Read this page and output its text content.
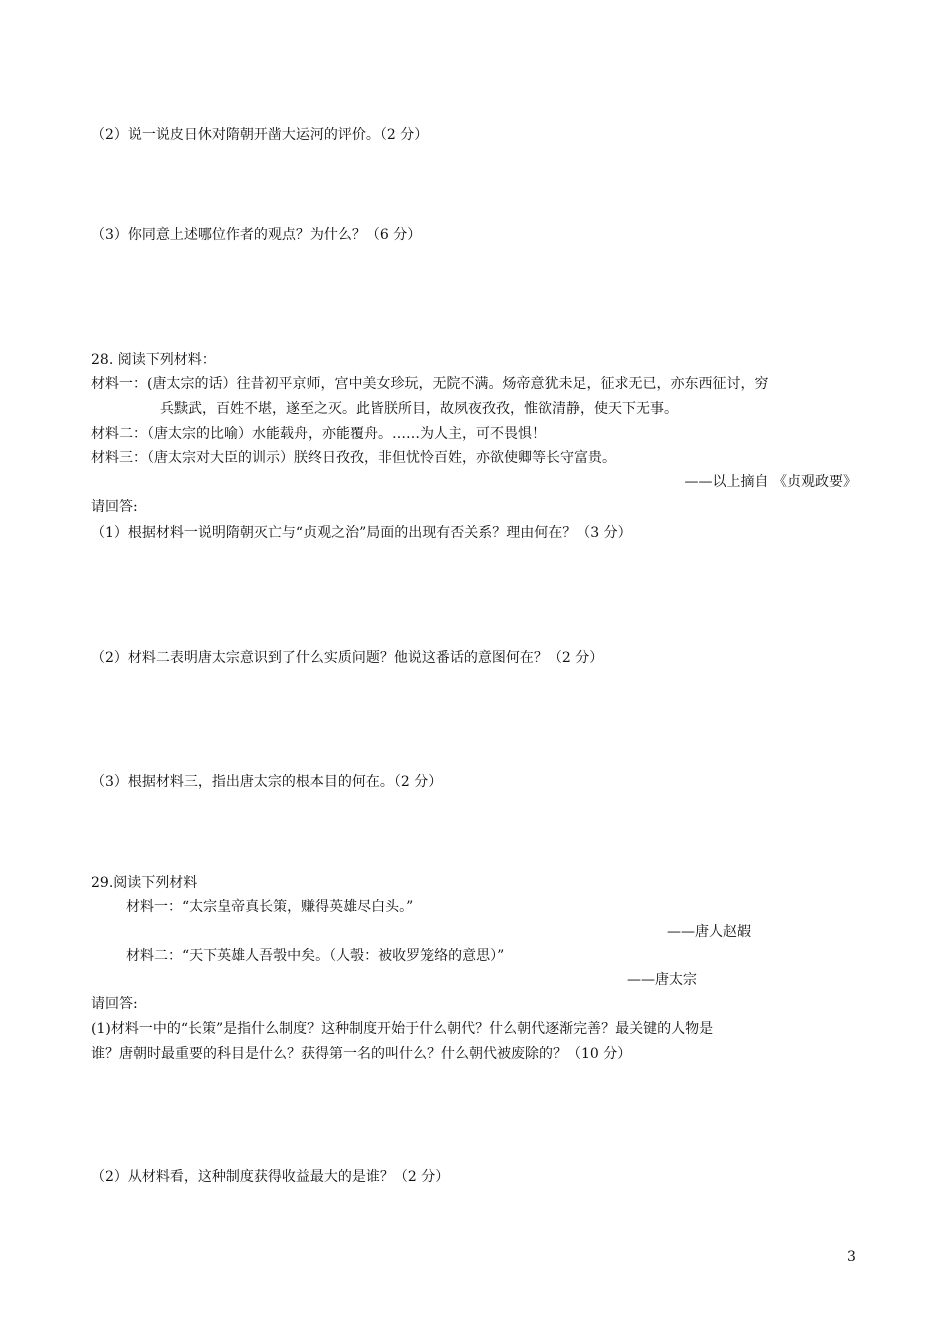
（2）说一说皮日休对隋朝开凿大运河的评价。（2 分）
（3）你同意上述哪位作者的观点？为什么？（6 分）
28. 阅读下列材料：
材料一：(唐太宗的话）往昔初平京师，宫中美女珍玩，无院不满。炀帝意犹未足，征求无已，亦东西征讨，穷
兵黩武，百姓不堪，遂至之灭。此皆朕所目，故夙夜孜孜，惟欲清静，使天下无事。
材料二：（唐太宗的比喻）水能载舟，亦能覆舟。……为人主，可不畏惧！
材料三：（唐太宗对大臣的训示）朕终日孜孜，非但忧怜百姓，亦欲使卿等长守富贵。
——以上摘自 《贞观政要》
请回答:
（1）根据材料一说明隋朝灭亡与“贞观之治”局面的出现有否关系？理由何在？（3 分）
（2）材料二表明唐太宗意识到了什么实质问题？他说这番话的意图何在？（2 分）
（3）根据材料三，指出唐太宗的根本目的何在。（2 分）
29.阅读下列材料
材料一：“太宗皇帝真长策，赚得英雄尽白头。”
——唐人赵嘏
材料二：“天下英雄人吾彀中矣。（人彀：被收罗笼络的意思）”
——唐太宗
请回答:
(1)材料一中的“长策”是指什么制度？这种制度开始于什么朝代？什么朝代逐渐完善？最关键的人物是
谁？唐朝时最重要的科目是什么？获得第一名的叫什么？什么朝代被废除的？（10 分）
（2）从材料看，这种制度获得收益最大的是谁？（2 分）
3
